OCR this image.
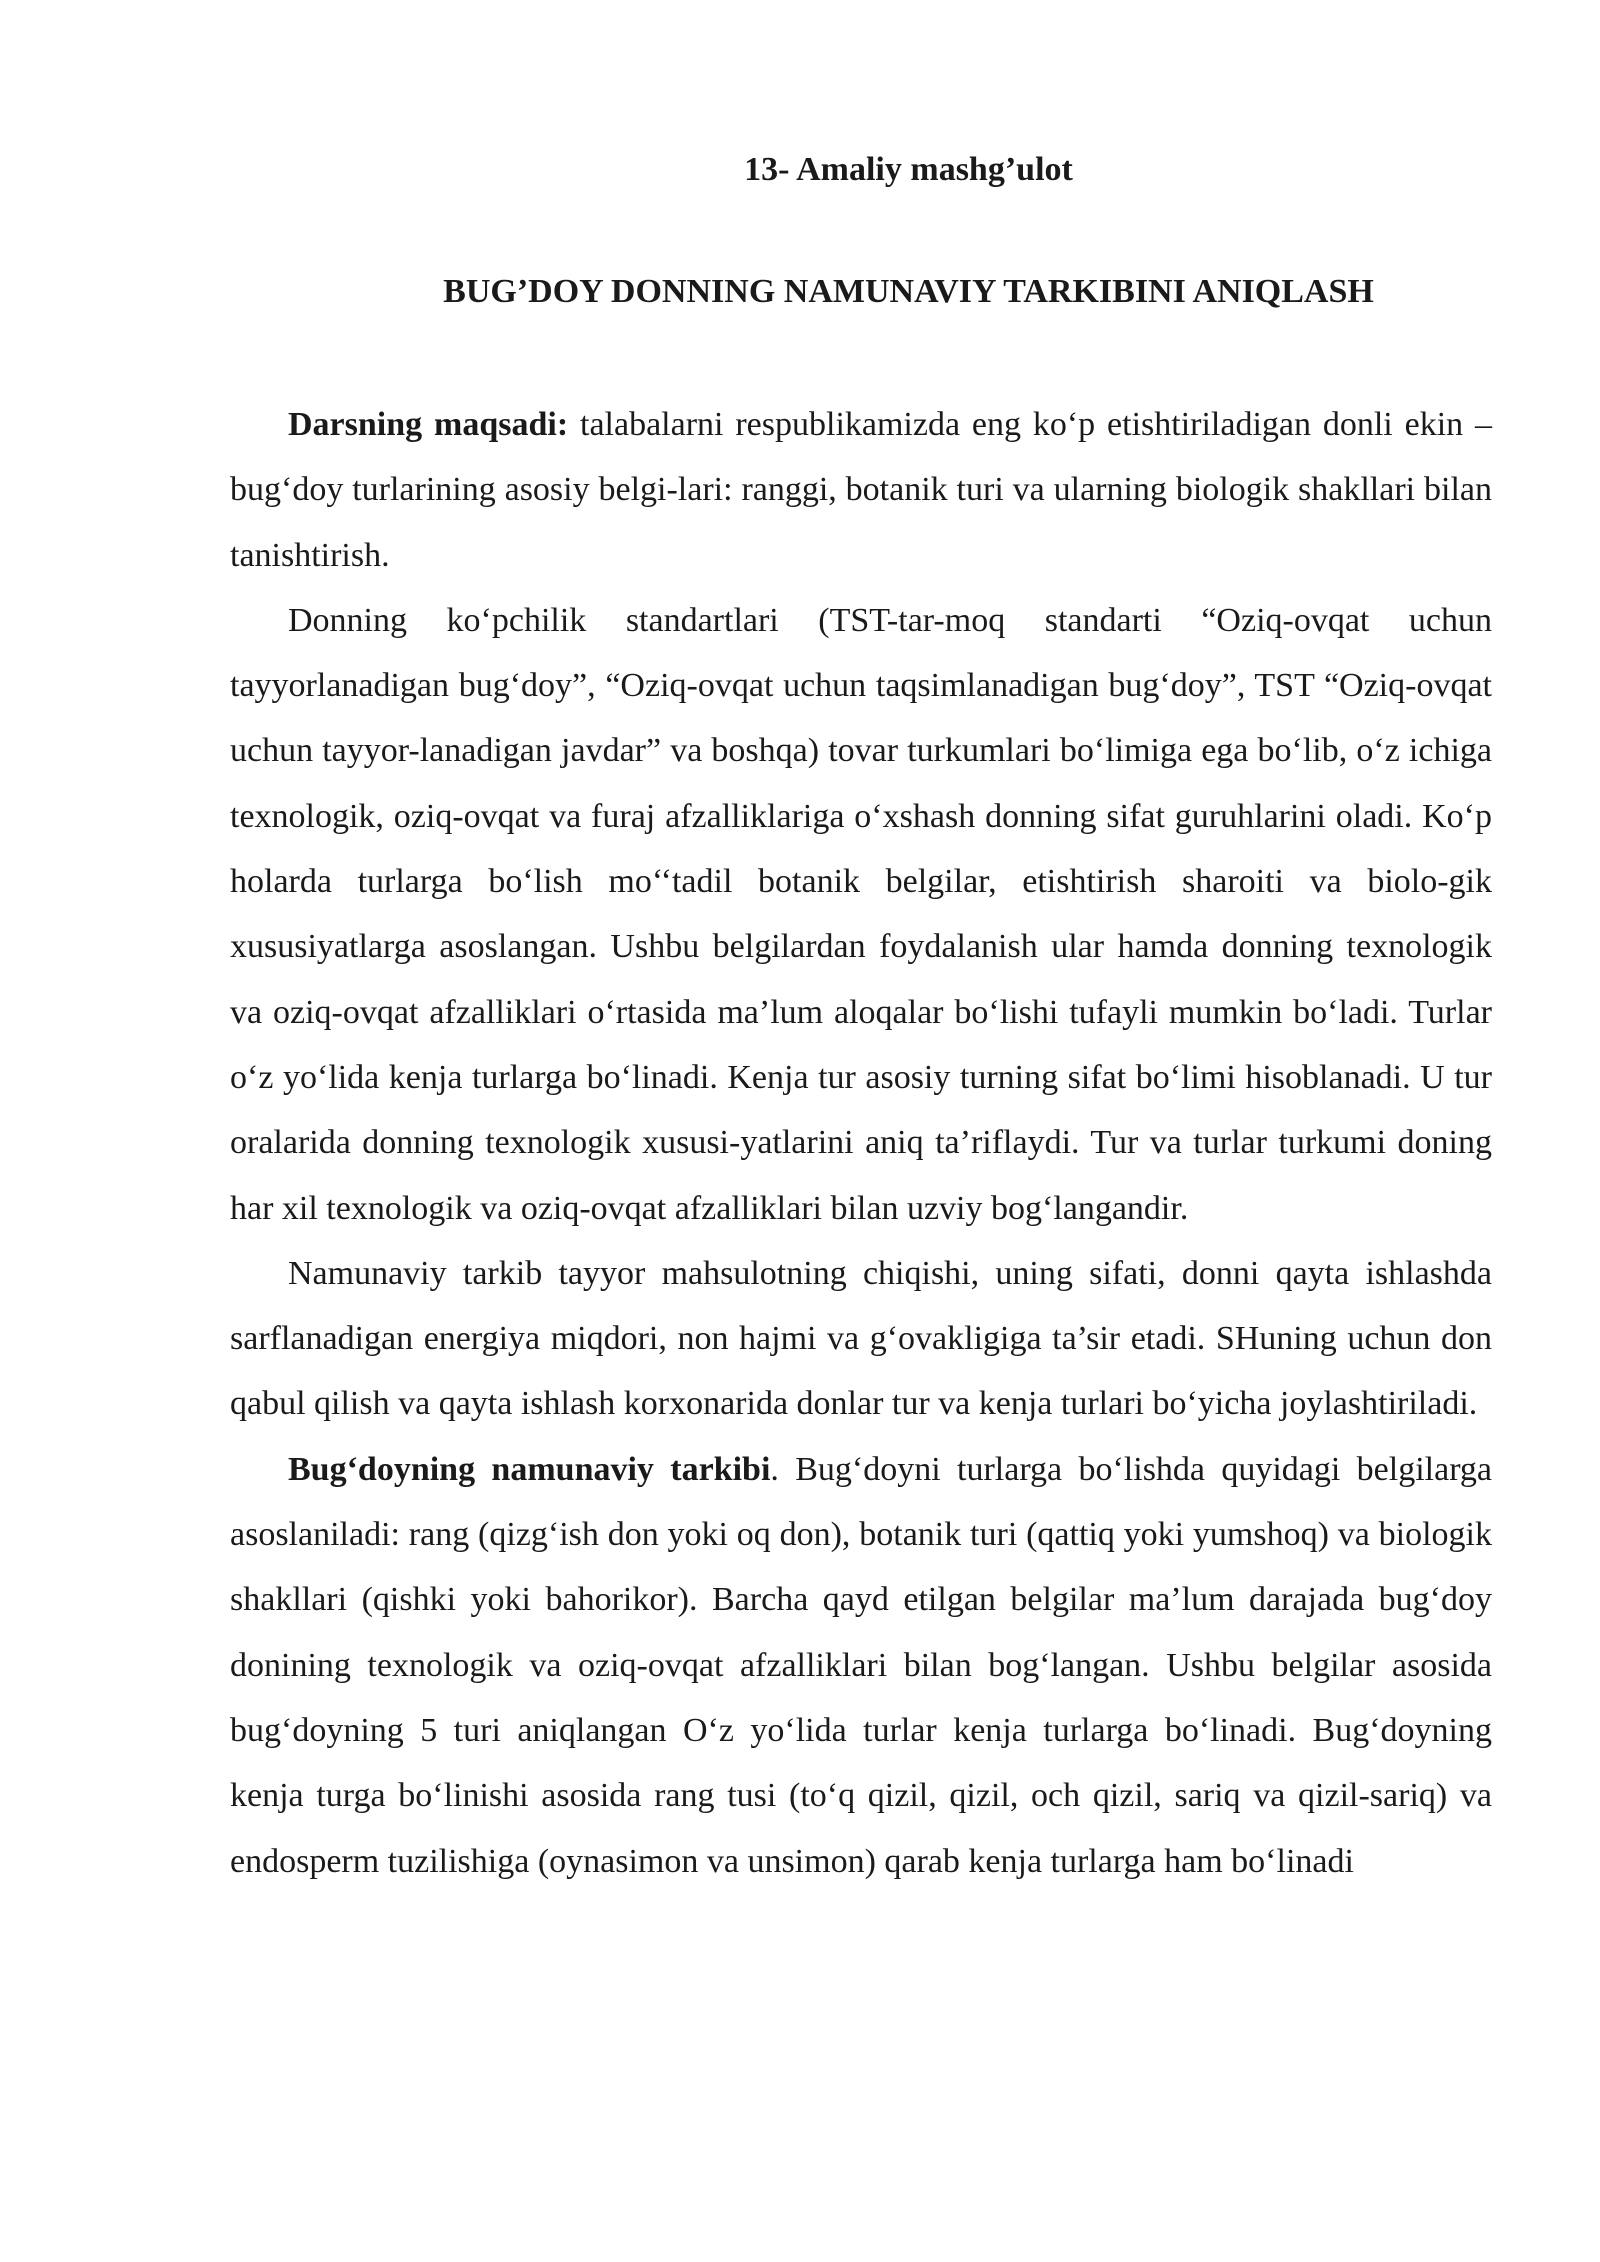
13- Amaliy mashg’ulot
BUG’DOY DONNING NAMUNAVIY TARKIBINI ANIQLASH

Darsning maqsadi: talabalarni respublikamizda eng ko‘p etishtiriladigan donli ekin – bug‘doy turlarining asosiy belgi-lari: ranggi, botanik turi va ularning biologik shakllari bilan tanishtirish.

Donning ko‘pchilik standartlari (TST-tar-moq standarti “Oziq-ovqat uchun tayyorlanadigan bug‘doy”, “Oziq-ovqat uchun taqsimlanadigan bug‘doy”, TST “Oziq-ovqat uchun tayyor-lanadigan javdar” va boshqa) tovar turkumlari bo‘limiga ega bo‘lib, o‘z ichiga texnologik, oziq-ovqat va furaj afzalliklariga o‘xshash donning sifat guruhlarini oladi. Ko‘p holarda turlarga bo‘lish mo‘‘tadil botanik belgilar, etishtirish sharoiti va biolo-gik xususiyatlarga asoslangan. Ushbu belgilardan foydalanish ular hamda donning texnologik va oziq-ovqat afzalliklari o‘rtasida ma’lum aloqalar bo‘lishi tufayli mumkin bo‘ladi. Turlar o‘z yo‘lida kenja turlarga bo‘linadi. Kenja tur asosiy turning sifat bo‘limi hisoblanadi. U tur oralarida donning texnologik xususi-yatlarini aniq ta’riflaydi. Tur va turlar turkumi doning har xil texnologik va oziq-ovqat afzalliklari bilan uzviy bog‘langandir.

Namunaviy tarkib tayyor mahsulotning chiqishi, uning sifati, donni qayta ishlashda sarflanadigan energiya miqdori, non hajmi va g‘ovakligiga ta’sir etadi. SHuning uchun don qabul qilish va qayta ishlash korxonarida donlar tur va kenja turlari bo‘yicha joylashtiriladi.

Bug‘doyning namunaviy tarkibi. Bug‘doyni turlarga bo‘lishda quyidagi belgilarga asoslaniladi: rang (qizg‘ish don yoki oq don), botanik turi (qattiq yoki yumshoq) va biologik shakllari (qishki yoki bahorikor). Barcha qayd etilgan belgilar ma’lum darajada bug‘doy donining texnologik va oziq-ovqat afzalliklari bilan bog‘langan. Ushbu belgilar asosida bug‘doyning 5 turi aniqlangan O‘z yo‘lida turlar kenja turlarga bo‘linadi. Bug‘doyning kenja turga bo‘linishi asosida rang tusi (to‘q qizil, qizil, och qizil, sariq va qizil-sariq) va endosperm tuzilishiga (oynasimon va unsimon) qarab kenja turlarga ham bo‘linadi
